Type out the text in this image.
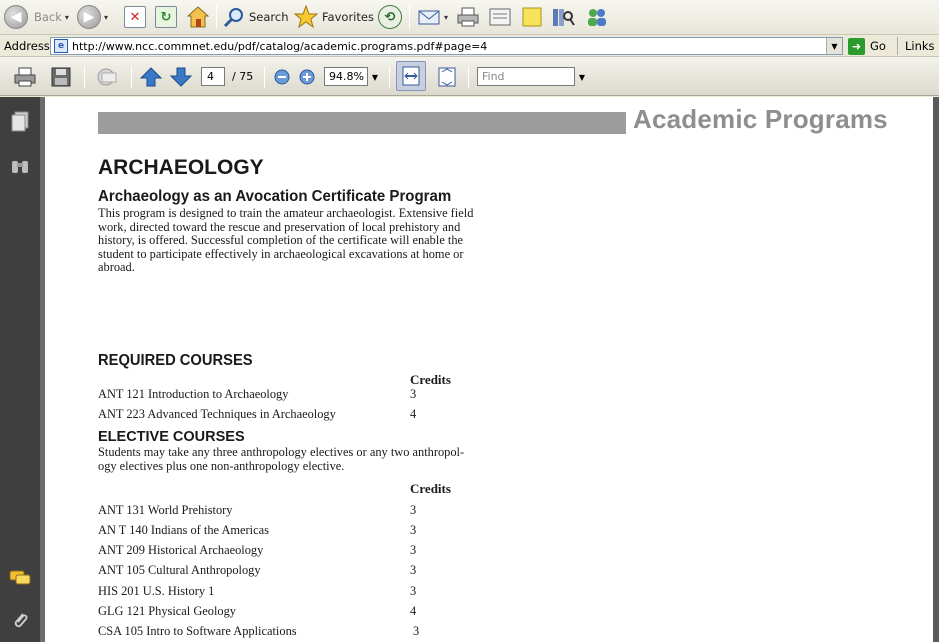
◀	Back ▾	▶	▾	✕	↻	Search	Favorites ⟲	▾
Address e http://www.ncc.commnet.edu/pdf/catalog/academic.programs.pdf#page=4	▼	➜ Go Links
4	/ 75	94.8% ▼	Find	▼
Academic Programs
ARCHAEOLOGY
Archaeology as an Avocation Certificate Program
This program is designed to train the amateur archaeologist. Extensive field
work, directed toward the rescue and preservation of local prehistory and
history, is offered. Successful completion of the certificate will enable the
student to participate effectively in archaeological excavations at home or
abroad.
REQUIRED COURSES
Credits
ANT 121 Introduction to Archaeology	3
ANT 223 Advanced Techniques in Archaeology	4
ELECTIVE COURSES
Students may take any three anthropology electives or any two anthropol-
ogy electives plus one non-anthropology elective.
Credits
ANT 131 World Prehistory	3
AN T 140 Indians of the Americas	3
ANT 209 Historical Archaeology	3
ANT 105 Cultural Anthropology	3
HIS 201 U.S. History 1	3
GLG 121 Physical Geology	4
CSA 105 Intro to Software Applications	3
